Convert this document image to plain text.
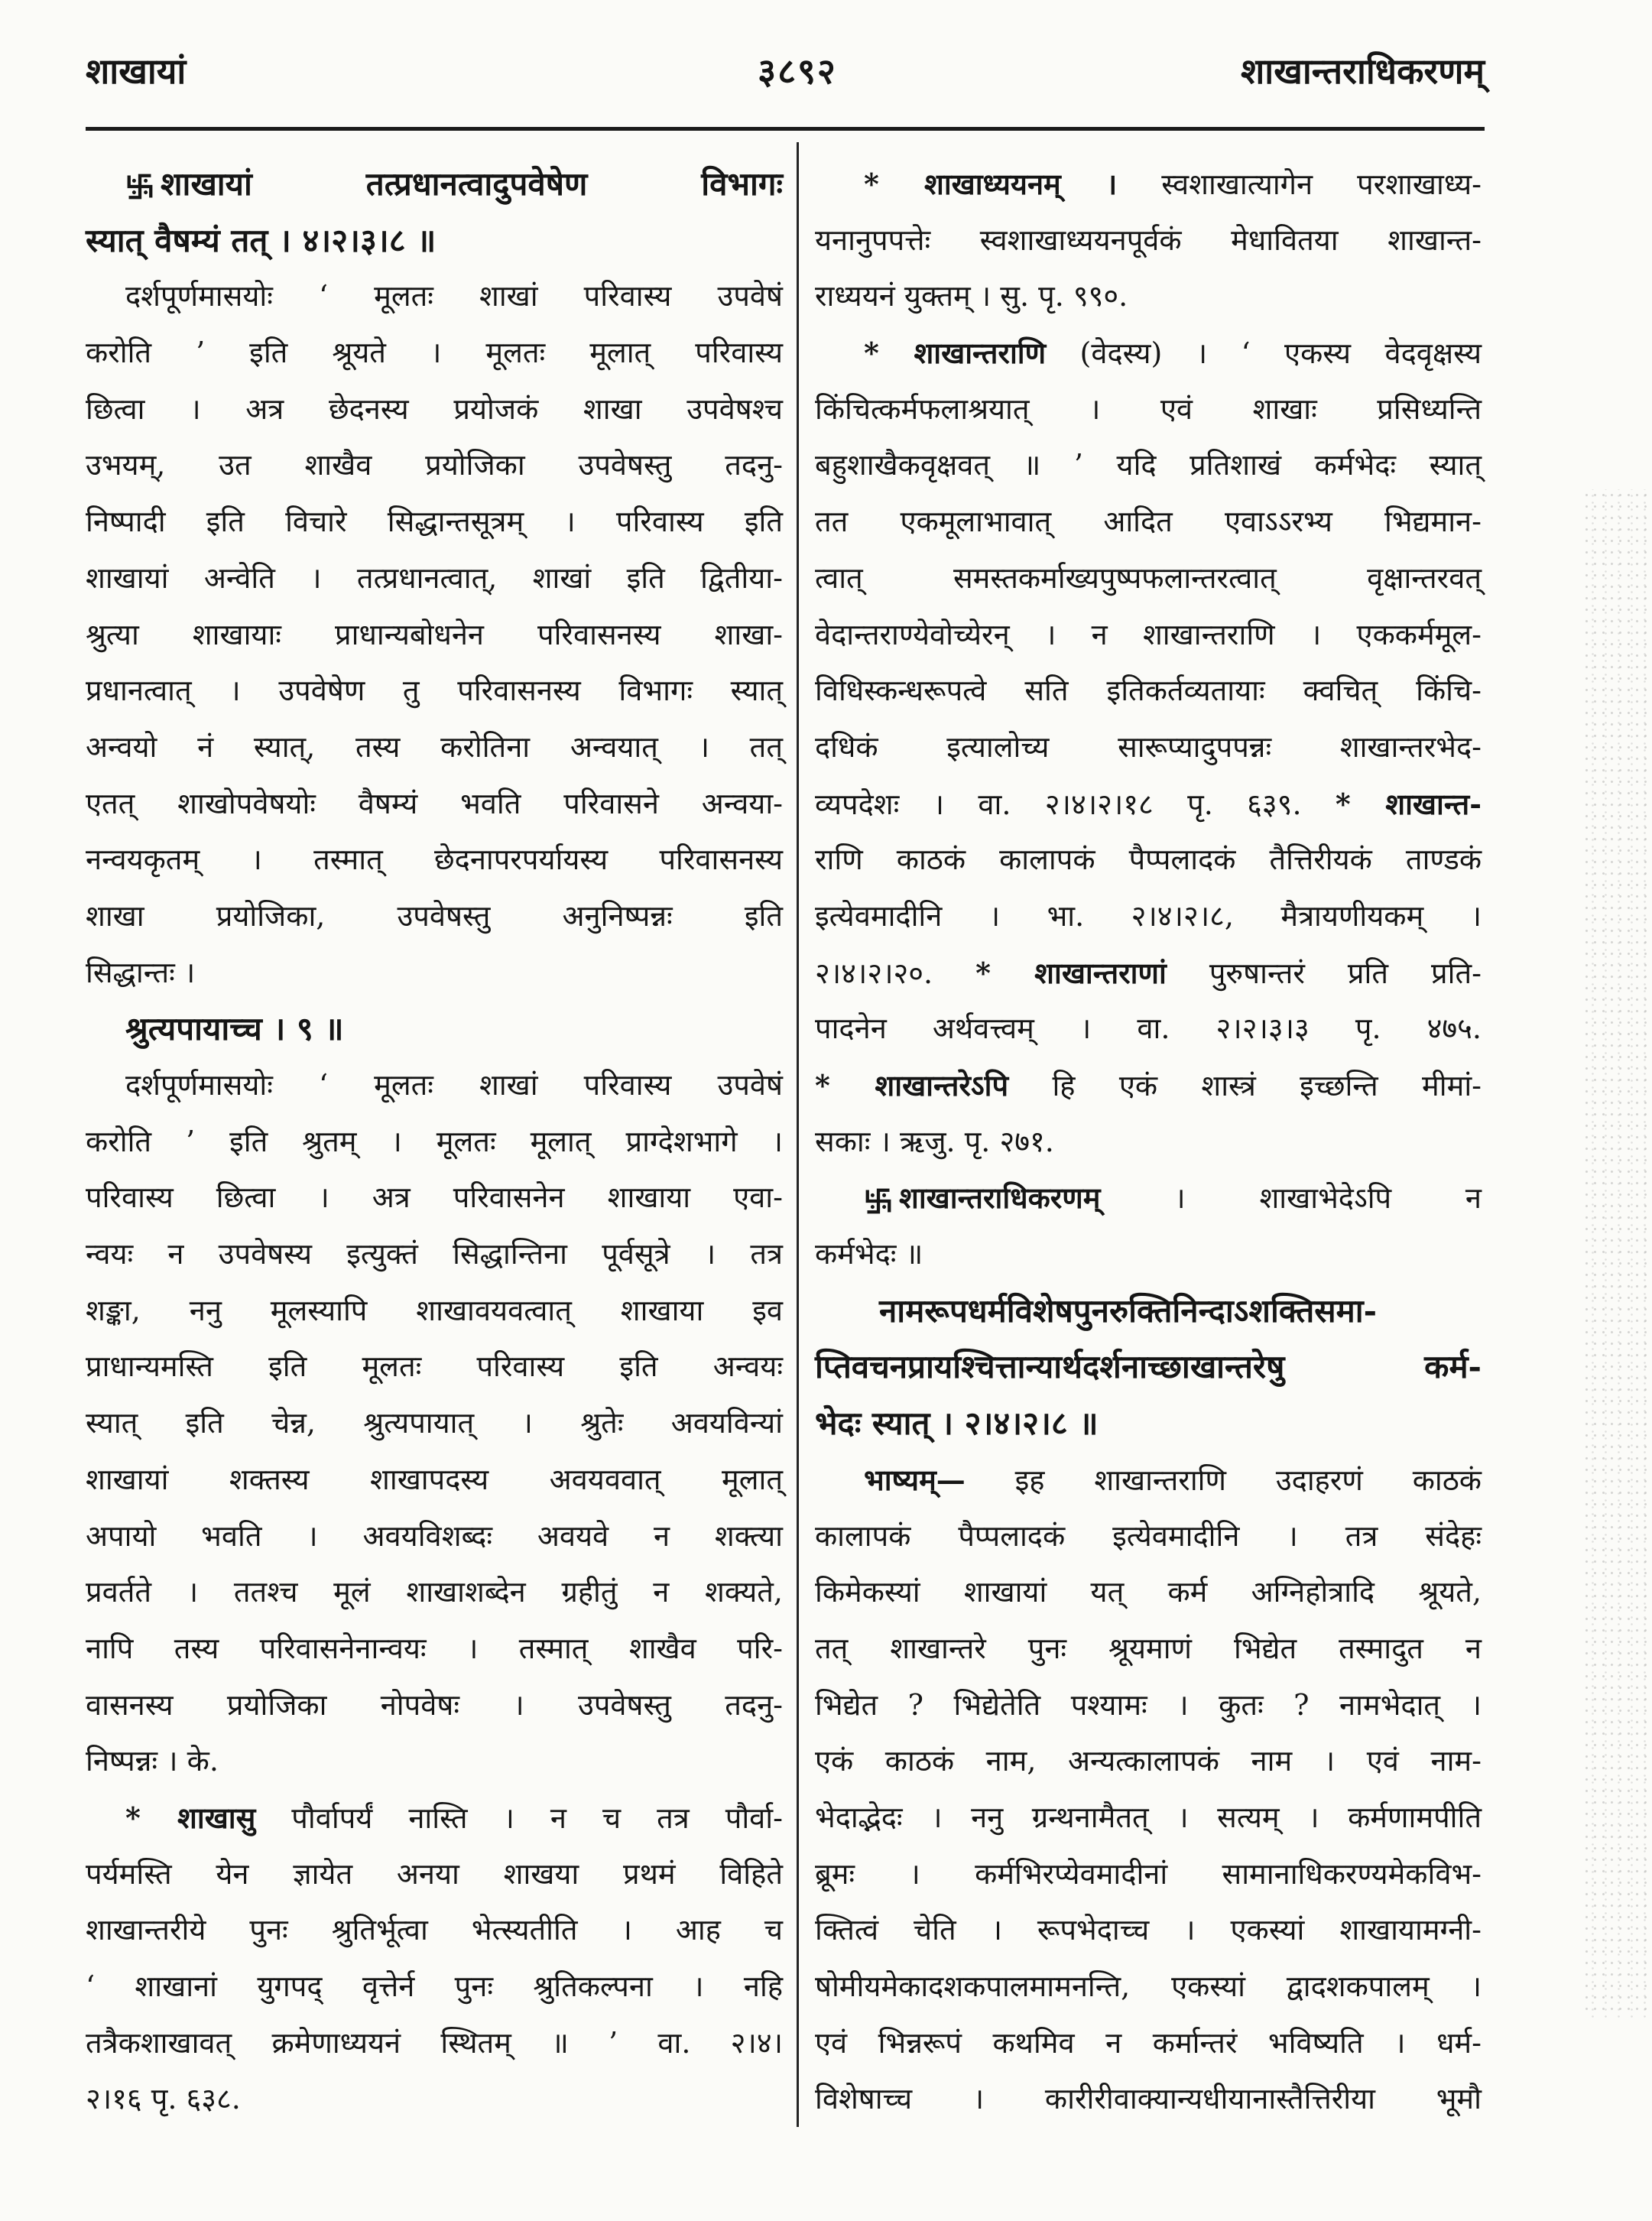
शाखायां	३८९२	शाखान्तराधिकरणम्
शाखायां तत्प्रधानत्वादुपवेषेण विभागः
स्यात् वैषम्यं तत् । ४।२।३।८ ॥
दर्शपूर्णमासयोः ‘ मूलतः शाखां परिवास्य उपवेषं
करोति ’ इति श्रूयते । मूलतः मूलात् परिवास्य
छित्वा । अत्र छेदनस्य प्रयोजकं शाखा उपवेषश्च
उभयम्, उत शाखैव प्रयोजिका उपवेषस्तु तदनु-
निष्पादी इति विचारे सिद्धान्तसूत्रम् । परिवास्य इति
शाखायां अन्वेति । तत्प्रधानत्वात्, शाखां इति द्वितीया-
श्रुत्या शाखायाः प्राधान्यबोधनेन परिवासनस्य शाखा-
प्रधानत्वात् । उपवेषेण तु परिवासनस्य विभागः स्यात्
अन्वयो नं स्यात्, तस्य करोतिना अन्वयात् । तत्
एतत् शाखोपवेषयोः वैषम्यं भवति परिवासने अन्वया-
नन्वयकृतम् । तस्मात् छेदनापरपर्यायस्य परिवासनस्य
शाखा प्रयोजिका, उपवेषस्तु अनुनिष्पन्नः इति
सिद्धान्तः ।
श्रुत्यपायाच्च । ९ ॥
दर्शपूर्णमासयोः ‘ मूलतः शाखां परिवास्य उपवेषं
करोति ’ इति श्रुतम् । मूलतः मूलात् प्राग्देशभागे ।
परिवास्य छित्वा । अत्र परिवासनेन शाखाया एवा-
न्वयः न उपवेषस्य इत्युक्तं सिद्धान्तिना पूर्वसूत्रे । तत्र
शङ्का, ननु मूलस्यापि शाखावयवत्वात् शाखाया इव
प्राधान्यमस्ति इति मूलतः परिवास्य इति अन्वयः
स्यात् इति चेन्न, श्रुत्यपायात् । श्रुतेः अवयविन्यां
शाखायां शक्तस्य शाखापदस्य अवयववात् मूलात्
अपायो भवति । अवयविशब्दः अवयवे न शक्त्या
प्रवर्तते । ततश्च मूलं शाखाशब्देन ग्रहीतुं न शक्यते,
नापि तस्य परिवासनेनान्वयः । तस्मात् शाखैव परि-
वासनस्य प्रयोजिका नोपवेषः । उपवेषस्तु तदनु-
निष्पन्नः । के.
* शाखासु पौर्वापर्यं नास्ति । न च तत्र पौर्वा-
पर्यमस्ति येन ज्ञायेत अनया शाखया प्रथमं विहिते
शाखान्तरीये पुनः श्रुतिर्भूत्वा भेत्स्यतीति । आह च
‘ शाखानां युगपद् वृत्तेर्न पुनः श्रुतिकल्पना । नहि
तत्रैकशाखावत् क्रमेणाध्ययनं स्थितम् ॥ ’ वा. २।४।
२।१६ पृ. ६३८.
* शाखाध्ययनम् । स्वशाखात्यागेन परशाखाध्य-
यनानुपपत्तेः स्वशाखाध्ययनपूर्वकं मेधावितया शाखान्त-
राध्ययनं युक्तम् । सु. पृ. ९९०.
* शाखान्तराणि (वेदस्य) । ‘ एकस्य वेदवृक्षस्य
किंचित्कर्मफलाश्रयात् । एवं शाखाः प्रसिध्यन्ति
बहुशाखैकवृक्षवत् ॥ ’ यदि प्रतिशाखं कर्मभेदः स्यात्
तत एकमूलाभावात् आदित एवाऽऽरभ्य भिद्यमान-
त्वात् समस्तकर्माख्यपुष्पफलान्तरत्वात् वृक्षान्तरवत्
वेदान्तराण्येवोच्येरन् । न शाखान्तराणि । एककर्ममूल-
विधिस्कन्धरूपत्वे सति इतिकर्तव्यतायाः क्वचित् किंचि-
दधिकं इत्यालोच्य सारूप्यादुपपन्नः शाखान्तरभेद-
व्यपदेशः । वा. २।४।२।१८ पृ. ६३९. * शाखान्त-
राणि काठकं कालापकं पैप्पलादकं तैत्तिरीयकं ताण्डकं
इत्येवमादीनि । भा. २।४।२।८, मैत्रायणीयकम् ।
२।४।२।२०. * शाखान्तराणां पुरुषान्तरं प्रति प्रति-
पादनेन अर्थवत्त्वम् । वा. २।२।३।३ पृ. ४७५.
* शाखान्तरेऽपि हि एकं शास्त्रं इच्छन्ति मीमां-
सकाः । ऋजु. पृ. २७१.
शाखान्तराधिकरणम् । शाखाभेदेऽपि न
कर्मभेदः ॥
नामरूपधर्मविशेषपुनरुक्तिनिन्दाऽशक्तिसमा-
प्तिवचनप्रायश्चित्तान्यार्थदर्शनाच्छाखान्तरेषु कर्म-
भेदः स्यात् । २।४।२।८ ॥
भाष्यम्— इह शाखान्तराणि उदाहरणं काठकं
कालापकं पैप्पलादकं इत्येवमादीनि । तत्र संदेहः
किमेकस्यां शाखायां यत् कर्म अग्निहोत्रादि श्रूयते,
तत् शाखान्तरे पुनः श्रूयमाणं भिद्येत तस्मादुत न
भिद्येत ? भिद्येतेति पश्यामः । कुतः ? नामभेदात् ।
एकं काठकं नाम, अन्यत्कालापकं नाम । एवं नाम-
भेदाद्भेदः । ननु ग्रन्थनामैतत् । सत्यम् । कर्मणामपीति
ब्रूमः । कर्मभिरप्येवमादीनां सामानाधिकरण्यमेकविभ-
क्तित्वं चेति । रूपभेदाच्च । एकस्यां शाखायामग्नी-
षोमीयमेकादशकपालमामनन्ति, एकस्यां द्वादशकपालम् ।
एवं भिन्नरूपं कथमिव न कर्मान्तरं भविष्यति । धर्म-
विशेषाच्च । कारीरीवाक्यान्यधीयानास्तैत्तिरीया भूमौ
